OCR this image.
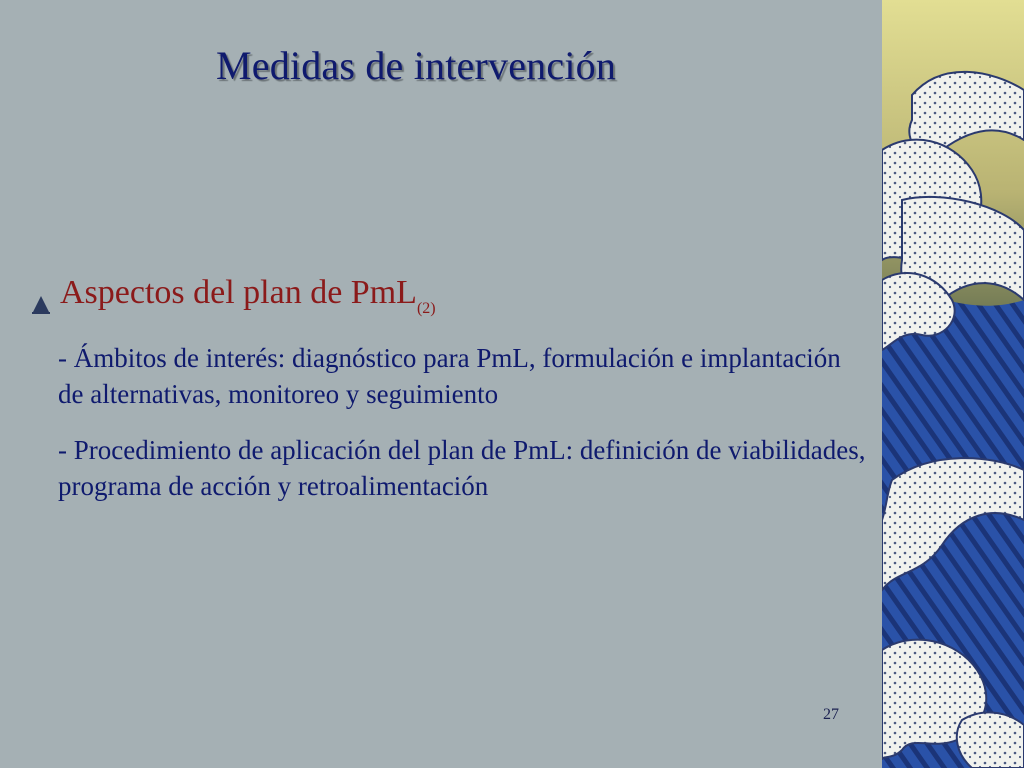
Medidas de intervención
Aspectos del plan de PmL$_{(2)}$
- Ámbitos de interés: diagnóstico para PmL, formulación e implantación de alternativas, monitoreo y seguimiento
- Procedimiento de aplicación del plan de PmL: definición de viabilidades, programa de acción y retroalimentación
27
